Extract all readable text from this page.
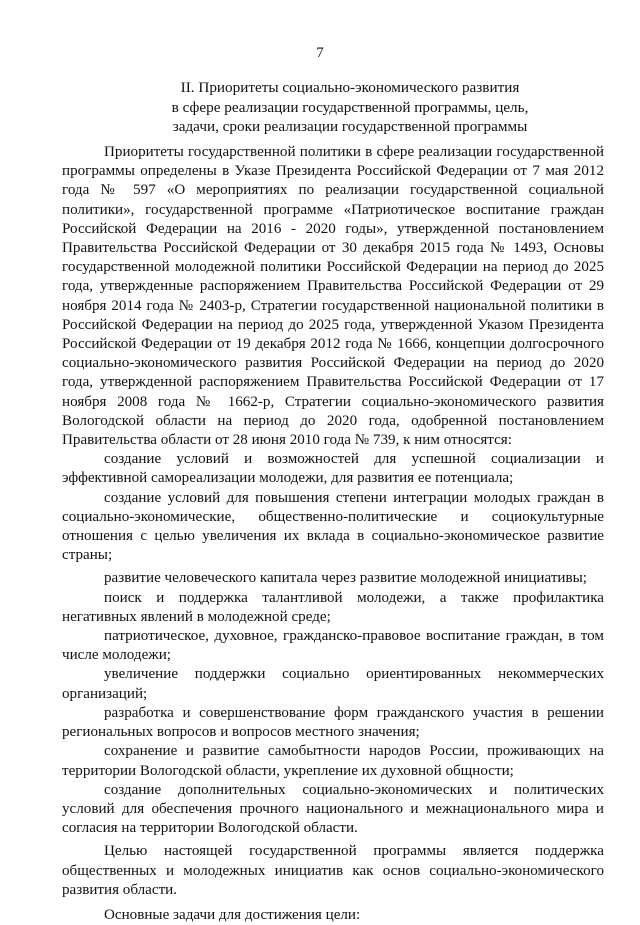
7
II. Приоритеты социально-экономического развития
в сфере реализации государственной программы, цель,
задачи, сроки реализации государственной программы

Приоритеты государственной политики в сфере реализации государственной программы определены в Указе Президента Российской Федерации от 7 мая 2012 года № 597 «О мероприятиях по реализации государственной социальной политики», государственной программе «Патриотическое воспитание граждан Российской Федерации на 2016 - 2020 годы», утвержденной постановлением Правительства Российской Федерации от 30 декабря 2015 года № 1493, Основы государственной молодежной политики Российской Федерации на период до 2025 года, утвержденные распоряжением Правительства Российской Федерации от 29 ноября 2014 года № 2403-р, Стратегии государственной национальной политики в Российской Федерации на период до 2025 года, утвержденной Указом Президента Российской Федерации от 19 декабря 2012 года № 1666, концепции долгосрочного социально-экономического развития Российской Федерации на период до 2020 года, утвержденной распоряжением Правительства Российской Федерации от 17 ноября 2008 года № 1662-р, Стратегии социально-экономического развития Вологодской области на период до 2020 года, одобренной постановлением Правительства области от 28 июня 2010 года № 739, к ним относятся:

создание условий и возможностей для успешной социализации и эффективной самореализации молодежи, для развития ее потенциала;

создание условий для повышения степени интеграции молодых граждан в социально-экономические, общественно-политические и социокультурные отношения с целью увеличения их вклада в социально-экономическое развитие страны;

развитие человеческого капитала через развитие молодежной инициативы;

поиск и поддержка талантливой молодежи, а также профилактика негативных явлений в молодежной среде;

патриотическое, духовное, гражданско-правовое воспитание граждан, в том числе молодежи;

увеличение поддержки социально ориентированных некоммерческих организаций;

разработка и совершенствование форм гражданского участия в решении региональных вопросов и вопросов местного значения;

сохранение и развитие самобытности народов России, проживающих на территории Вологодской области, укрепление их духовной общности;

создание дополнительных социально-экономических и политических условий для обеспечения прочного национального и межнационального мира и согласия на территории Вологодской области.

Целью настоящей государственной программы является поддержка общественных и молодежных инициатив как основ социально-экономического развития области.

Основные задачи для достижения цели:
